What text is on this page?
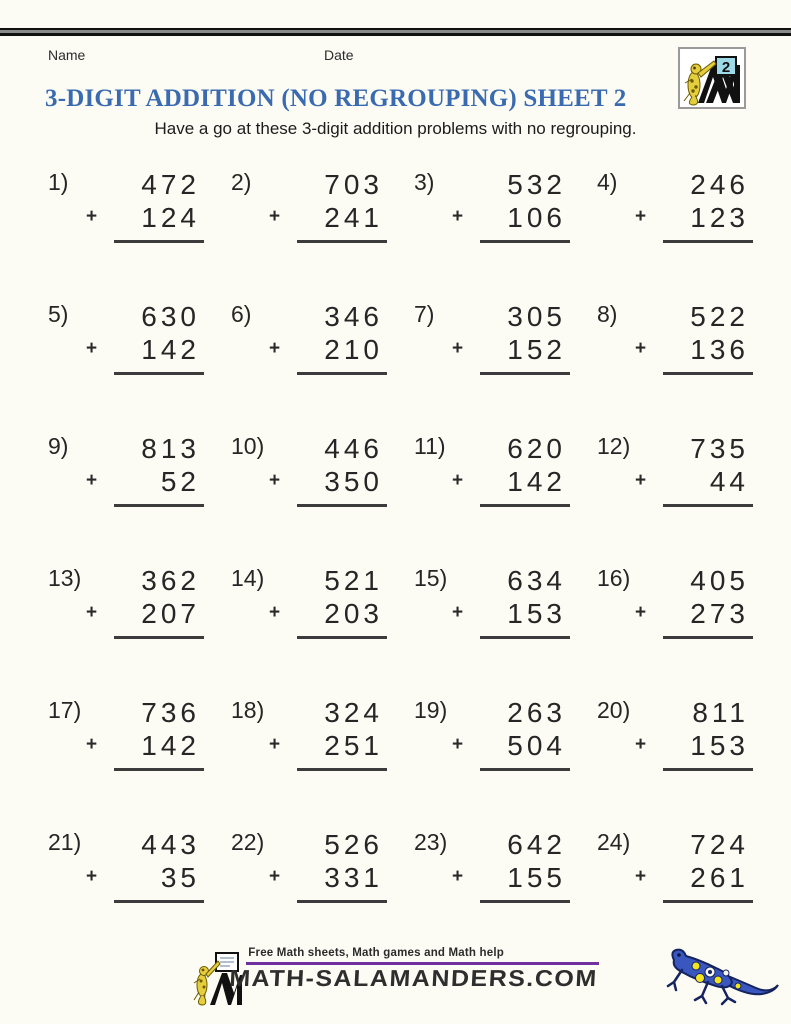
Name	Date
2
3-DIGIT ADDITION (NO REGROUPING) SHEET 2

Have a go at these 3-digit addition problems with no regrouping.

1)	472
124
+
2)	703
241
+
3)	532
106
+
4)	246
123
+
5)	630
142
+
6)	346
210
+
7)	305
152
+
8)	522
136
+
9)	813
52
+
10)	446
350
+
11)	620
142
+
12)	735
44
+
13)	362
207
+
14)	521
203
+
15)	634
153
+
16)	405
273
+
17)	736
142
+
18)	324
251
+
19)	263
504
+
20)	811
153
+
21)	443
35
+
22)	526
331
+
23)	642
155
+
24)	724
261
+
Free Math sheets, Math games and Math help
MATH-SALAMANDERS.COM
